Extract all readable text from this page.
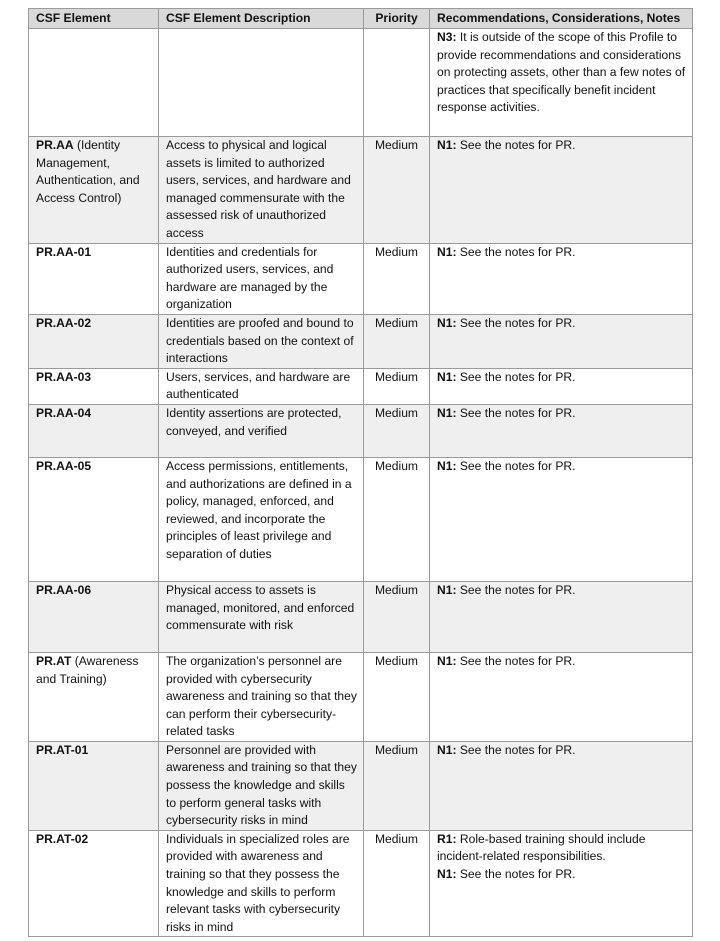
CSF Element	CSF Element Description	Priority	Recommendations, Considerations, Notes

			N3: It is outside of the scope of this Profile to provide recommendations and considerations on protecting assets, other than a few notes of practices that specifically benefit incident response activities.

PR.AA (Identity Management, Authentication, and Access Control)	Access to physical and logical assets is limited to authorized users, services, and hardware and managed commensurate with the assessed risk of unauthorized access	Medium	N1: See the notes for PR.

PR.AA-01	Identities and credentials for authorized users, services, and hardware are managed by the organization	Medium	N1: See the notes for PR.

PR.AA-02	Identities are proofed and bound to credentials based on the context of interactions	Medium	N1: See the notes for PR.

PR.AA-03	Users, services, and hardware are authenticated	Medium	N1: See the notes for PR.

PR.AA-04	Identity assertions are protected, conveyed, and verified	Medium	N1: See the notes for PR.

PR.AA-05	Access permissions, entitlements, and authorizations are defined in a policy, managed, enforced, and reviewed, and incorporate the principles of least privilege and separation of duties	Medium	N1: See the notes for PR.

PR.AA-06	Physical access to assets is managed, monitored, and enforced commensurate with risk	Medium	N1: See the notes for PR.

PR.AT (Awareness and Training)	The organization’s personnel are provided with cybersecurity awareness and training so that they can perform their cybersecurity-related tasks	Medium	N1: See the notes for PR.

PR.AT-01	Personnel are provided with awareness and training so that they possess the knowledge and skills to perform general tasks with cybersecurity risks in mind	Medium	N1: See the notes for PR.

PR.AT-02	Individuals in specialized roles are provided with awareness and training so that they possess the knowledge and skills to perform relevant tasks with cybersecurity risks in mind	Medium	R1: Role-based training should include incident-related responsibilities.
N1: See the notes for PR.
